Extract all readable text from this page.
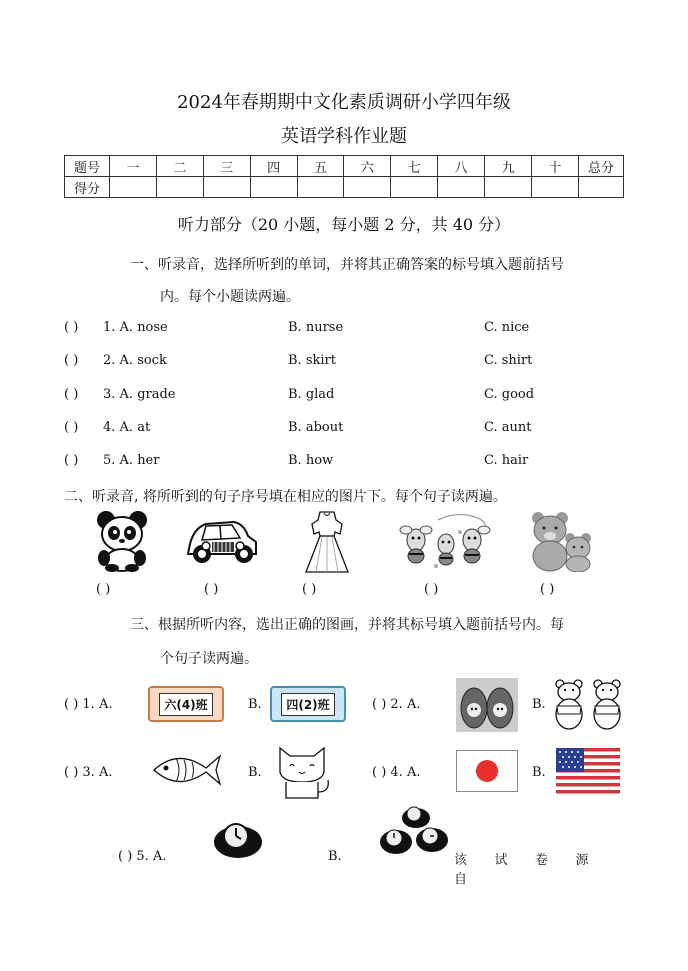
2024年春期期中文化素质调研小学四年级
英语学科作业题
题号	一	二	三	四	五	六	七	八	九	十	总分
得分											
听力部分（20 小题，每小题 2 分，共 40 分）
一、听录音，选择所听到的单词，并将其正确答案的标号填入题前括号
内。每个小题读两遍。
( ) 1. A. nose	B. nurse	C. nice
( ) 2. A. sock	B. skirt	C. shirt
( ) 3. A. grade	B. glad	C. good
( ) 4. A. at	B. about	C. aunt
( ) 5. A. her	B. how	C. hair
二、听录音, 将所听到的句子序号填在相应的图片下。每个句子读两遍。
( )	( )	( )	( )	( )
三、根据所听内容，选出正确的图画，并将其标号填入题前括号内。每
个句子读两遍。
( ) 1. A.	六(4)班	B.	四(2)班	( ) 2. A.	B.
( ) 3. A.	B.	( ) 4. A.	B.
( ) 5. A.	B.	该　　试　　卷　　源　　自
